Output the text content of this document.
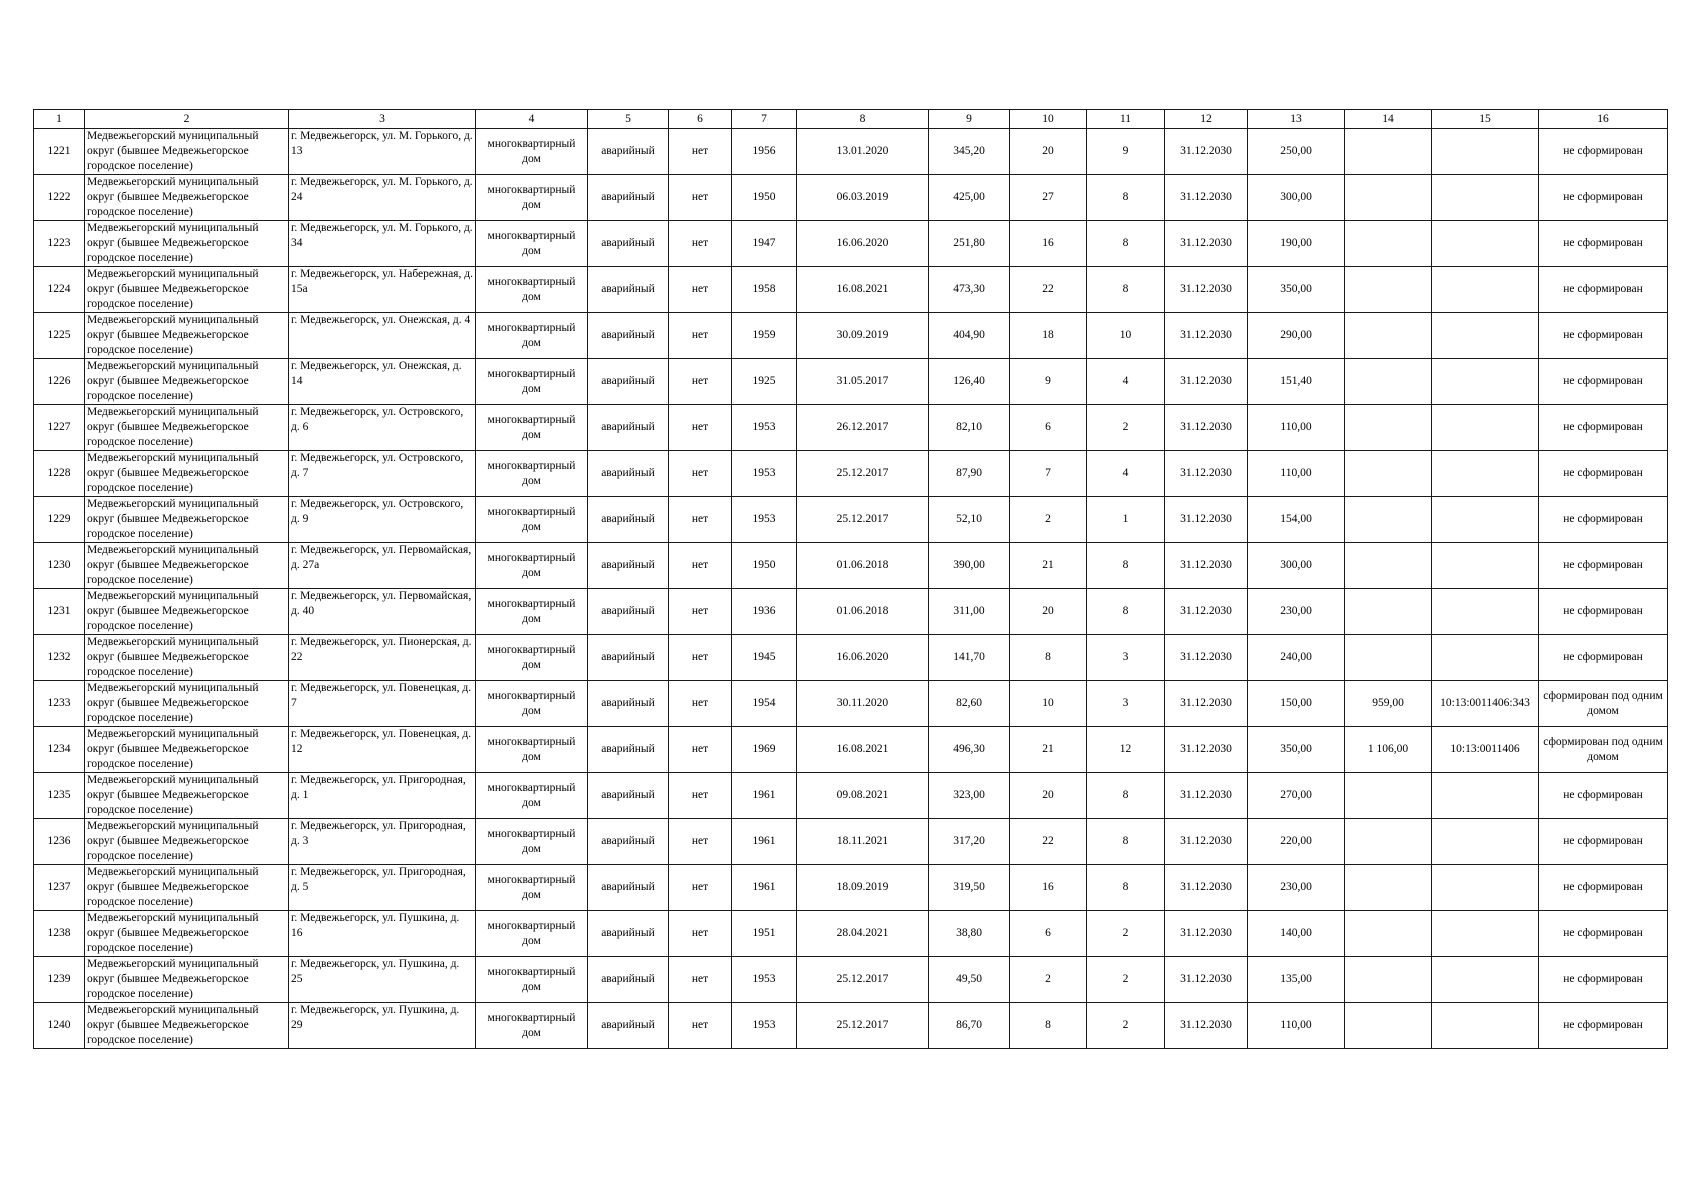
1	2	3	4	5	6	7	8	9	10	11	12	13	14	15	16
1221	Медвежьегорский муниципальный округ (бывшее Медвежьегорское городское поселение)	г. Медвежьегорск, ул. М. Горького, д. 13	многоквартирный дом	аварийный	нет	1956	13.01.2020	345,20	20	9	31.12.2030	250,00			не сформирован
1222	Медвежьегорский муниципальный округ (бывшее Медвежьегорское городское поселение)	г. Медвежьегорск, ул. М. Горького, д. 24	многоквартирный дом	аварийный	нет	1950	06.03.2019	425,00	27	8	31.12.2030	300,00			не сформирован
1223	Медвежьегорский муниципальный округ (бывшее Медвежьегорское городское поселение)	г. Медвежьегорск, ул. М. Горького, д. 34	многоквартирный дом	аварийный	нет	1947	16.06.2020	251,80	16	8	31.12.2030	190,00			не сформирован
1224	Медвежьегорский муниципальный округ (бывшее Медвежьегорское городское поселение)	г. Медвежьегорск, ул. Набережная, д. 15а	многоквартирный дом	аварийный	нет	1958	16.08.2021	473,30	22	8	31.12.2030	350,00			не сформирован
1225	Медвежьегорский муниципальный округ (бывшее Медвежьегорское городское поселение)	г. Медвежьегорск, ул. Онежская, д. 4	многоквартирный дом	аварийный	нет	1959	30.09.2019	404,90	18	10	31.12.2030	290,00			не сформирован
1226	Медвежьегорский муниципальный округ (бывшее Медвежьегорское городское поселение)	г. Медвежьегорск, ул. Онежская, д. 14	многоквартирный дом	аварийный	нет	1925	31.05.2017	126,40	9	4	31.12.2030	151,40			не сформирован
1227	Медвежьегорский муниципальный округ (бывшее Медвежьегорское городское поселение)	г. Медвежьегорск, ул. Островского, д. 6	многоквартирный дом	аварийный	нет	1953	26.12.2017	82,10	6	2	31.12.2030	110,00			не сформирован
1228	Медвежьегорский муниципальный округ (бывшее Медвежьегорское городское поселение)	г. Медвежьегорск, ул. Островского, д. 7	многоквартирный дом	аварийный	нет	1953	25.12.2017	87,90	7	4	31.12.2030	110,00			не сформирован
1229	Медвежьегорский муниципальный округ (бывшее Медвежьегорское городское поселение)	г. Медвежьегорск, ул. Островского, д. 9	многоквартирный дом	аварийный	нет	1953	25.12.2017	52,10	2	1	31.12.2030	154,00			не сформирован
1230	Медвежьегорский муниципальный округ (бывшее Медвежьегорское городское поселение)	г. Медвежьегорск, ул. Первомайская, д. 27а	многоквартирный дом	аварийный	нет	1950	01.06.2018	390,00	21	8	31.12.2030	300,00			не сформирован
1231	Медвежьегорский муниципальный округ (бывшее Медвежьегорское городское поселение)	г. Медвежьегорск, ул. Первомайская, д. 40	многоквартирный дом	аварийный	нет	1936	01.06.2018	311,00	20	8	31.12.2030	230,00			не сформирован
1232	Медвежьегорский муниципальный округ (бывшее Медвежьегорское городское поселение)	г. Медвежьегорск, ул. Пионерская, д. 22	многоквартирный дом	аварийный	нет	1945	16.06.2020	141,70	8	3	31.12.2030	240,00			не сформирован
1233	Медвежьегорский муниципальный округ (бывшее Медвежьегорское городское поселение)	г. Медвежьегорск, ул. Повенецкая, д. 7	многоквартирный дом	аварийный	нет	1954	30.11.2020	82,60	10	3	31.12.2030	150,00	959,00	10:13:0011406:343	сформирован под одним домом
1234	Медвежьегорский муниципальный округ (бывшее Медвежьегорское городское поселение)	г. Медвежьегорск, ул. Повенецкая, д. 12	многоквартирный дом	аварийный	нет	1969	16.08.2021	496,30	21	12	31.12.2030	350,00	1 106,00	10:13:0011406	сформирован под одним домом
1235	Медвежьегорский муниципальный округ (бывшее Медвежьегорское городское поселение)	г. Медвежьегорск, ул. Пригородная, д. 1	многоквартирный дом	аварийный	нет	1961	09.08.2021	323,00	20	8	31.12.2030	270,00			не сформирован
1236	Медвежьегорский муниципальный округ (бывшее Медвежьегорское городское поселение)	г. Медвежьегорск, ул. Пригородная, д. 3	многоквартирный дом	аварийный	нет	1961	18.11.2021	317,20	22	8	31.12.2030	220,00			не сформирован
1237	Медвежьегорский муниципальный округ (бывшее Медвежьегорское городское поселение)	г. Медвежьегорск, ул. Пригородная, д. 5	многоквартирный дом	аварийный	нет	1961	18.09.2019	319,50	16	8	31.12.2030	230,00			не сформирован
1238	Медвежьегорский муниципальный округ (бывшее Медвежьегорское городское поселение)	г. Медвежьегорск, ул. Пушкина, д. 16	многоквартирный дом	аварийный	нет	1951	28.04.2021	38,80	6	2	31.12.2030	140,00			не сформирован
1239	Медвежьегорский муниципальный округ (бывшее Медвежьегорское городское поселение)	г. Медвежьегорск, ул. Пушкина, д. 25	многоквартирный дом	аварийный	нет	1953	25.12.2017	49,50	2	2	31.12.2030	135,00			не сформирован
1240	Медвежьегорский муниципальный округ (бывшее Медвежьегорское городское поселение)	г. Медвежьегорск, ул. Пушкина, д. 29	многоквартирный дом	аварийный	нет	1953	25.12.2017	86,70	8	2	31.12.2030	110,00			не сформирован
